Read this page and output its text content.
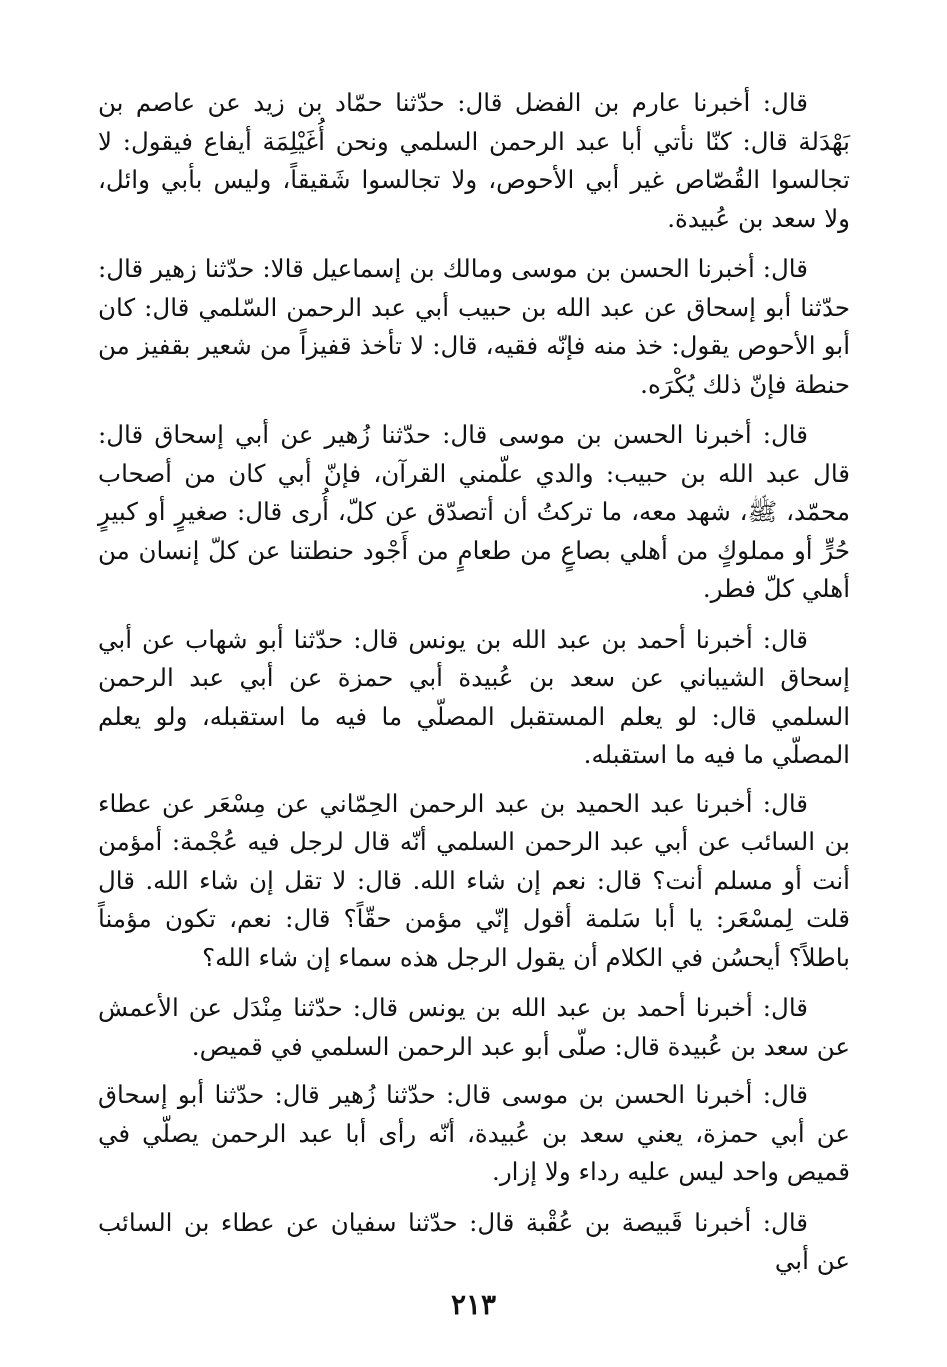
قال: أخبرنا عارم بن الفضل قال: حدّثنا حمّاد بن زيد عن عاصم بن بَهْدَلة قال: كنّا نأتي أبا عبد الرحمن السلمي ونحن أُغَيْلِمَة أيفاع فيقول: لا تجالسوا القُصّاص غير أبي الأحوص، ولا تجالسوا شَقيقاً، وليس بأبي وائل، ولا سعد بن عُبيدة.

قال: أخبرنا الحسن بن موسى ومالك بن إسماعيل قالا: حدّثنا زهير قال: حدّثنا أبو إسحاق عن عبد الله بن حبيب أبي عبد الرحمن السّلمي قال: كان أبو الأحوص يقول: خذ منه فإنّه فقيه، قال: لا تأخذ قفيزاً من شعير بقفيز من حنطة فإنّ ذلك يُكْرَه.

قال: أخبرنا الحسن بن موسى قال: حدّثنا زُهير عن أبي إسحاق قال: قال عبد الله بن حبيب: والدي علّمني القرآن، فإنّ أبي كان من أصحاب محمّد، ﷺ، شهد معه، ما تركتُ أن أتصدّق عن كلّ، أُرى قال: صغيرٍ أو كبيرٍ حُرٍّ أو مملوكٍ من أهلي بصاعٍ من طعامٍ من أَجْود حنطتنا عن كلّ إنسان من أهلي كلّ فطر.

قال: أخبرنا أحمد بن عبد الله بن يونس قال: حدّثنا أبو شهاب عن أبي إسحاق الشيباني عن سعد بن عُبيدة أبي حمزة عن أبي عبد الرحمن السلمي قال: لو يعلم المستقبل المصلّي ما فيه ما استقبله، ولو يعلم المصلّي ما فيه ما استقبله.

قال: أخبرنا عبد الحميد بن عبد الرحمن الحِمّاني عن مِسْعَر عن عطاء بن السائب عن أبي عبد الرحمن السلمي أنّه قال لرجل فيه عُجْمة: أمؤمن أنت أو مسلم أنت؟ قال: نعم إن شاء الله. قال: لا تقل إن شاء الله. قال قلت لِمسْعَر: يا أبا سَلمة أقول إنّي مؤمن حقّاً؟ قال: نعم، تكون مؤمناً باطلاً؟ أيحسُن في الكلام أن يقول الرجل هذه سماء إن شاء الله؟

قال: أخبرنا أحمد بن عبد الله بن يونس قال: حدّثنا مِنْدَل عن الأعمش عن سعد بن عُبيدة قال: صلّى أبو عبد الرحمن السلمي في قميص.

قال: أخبرنا الحسن بن موسى قال: حدّثنا زُهير قال: حدّثنا أبو إسحاق عن أبي حمزة، يعني سعد بن عُبيدة، أنّه رأى أبا عبد الرحمن يصلّي في قميص واحد ليس عليه رداء ولا إزار.

قال: أخبرنا قَبيصة بن عُقْبة قال: حدّثنا سفيان عن عطاء بن السائب عن أبي

٢١٣
